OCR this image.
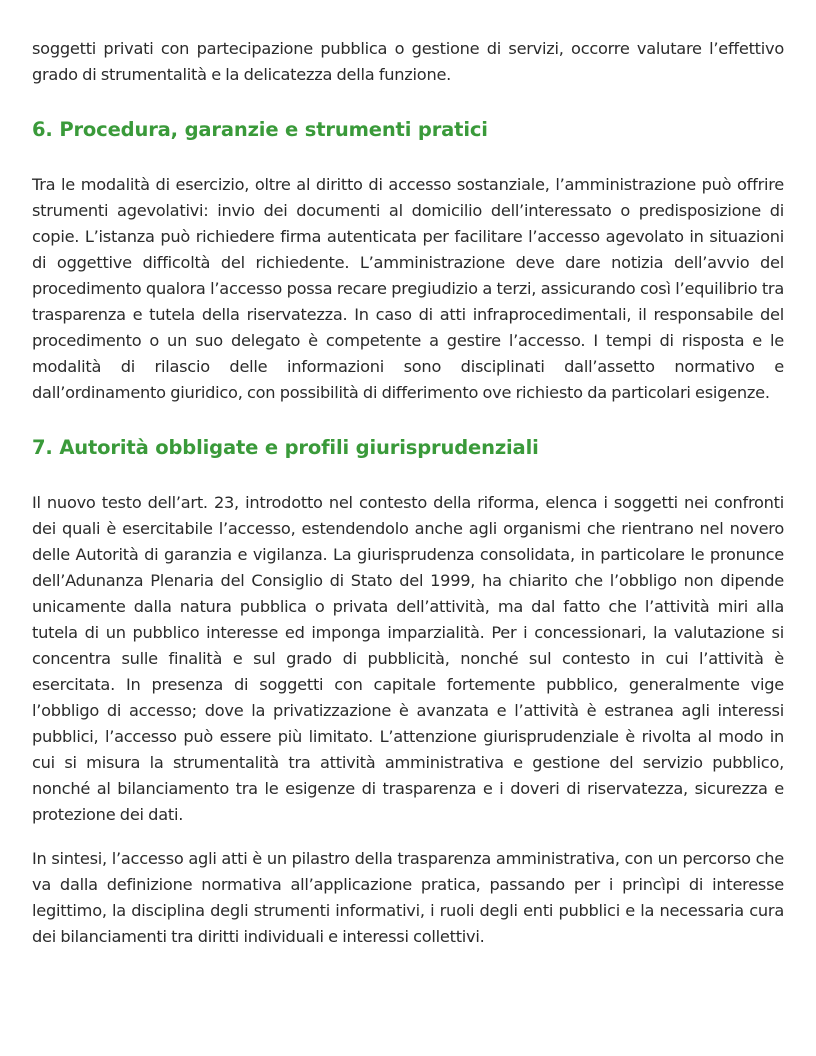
soggetti privati con partecipazione pubblica o gestione di servizi, occorre valutare l’effettivo grado di strumentalità e la delicatezza della funzione.

6. Procedura, garanzie e strumenti pratici

Tra le modalità di esercizio, oltre al diritto di accesso sostanziale, l’amministrazione può offrire strumenti agevolativi: invio dei documenti al domicilio dell’interessato o predisposizione di copie. L’istanza può richiedere firma autenticata per facilitare l’accesso agevolato in situazioni di oggettive difficoltà del richiedente. L’amministrazione deve dare notizia dell’avvio del procedimento qualora l’accesso possa recare pregiudizio a terzi, assicurando così l’equilibrio tra trasparenza e tutela della riservatezza. In caso di atti infraprocedimentali, il responsabile del procedimento o un suo delegato è competente a gestire l’accesso. I tempi di risposta e le modalità di rilascio delle informazioni sono disciplinati dall’assetto normativo e dall’ordinamento giuridico, con possibilità di differimento ove richiesto da particolari esigenze.

7. Autorità obbligate e profili giurisprudenziali

Il nuovo testo dell’art. 23, introdotto nel contesto della riforma, elenca i soggetti nei confronti dei quali è esercitabile l’accesso, estendendolo anche agli organismi che rientrano nel novero delle Autorità di garanzia e vigilanza. La giurisprudenza consolidata, in particolare le pronunce dell’Adunanza Plenaria del Consiglio di Stato del 1999, ha chiarito che l’obbligo non dipende unicamente dalla natura pubblica o privata dell’attività, ma dal fatto che l’attività miri alla tutela di un pubblico interesse ed imponga imparzialità. Per i concessionari, la valutazione si concentra sulle finalità e sul grado di pubblicità, nonché sul contesto in cui l’attività è esercitata. In presenza di soggetti con capitale fortemente pubblico, generalmente vige l’obbligo di accesso; dove la privatizzazione è avanzata e l’attività è estranea agli interessi pubblici, l’accesso può essere più limitato. L’attenzione giurisprudenziale è rivolta al modo in cui si misura la strumentalità tra attività amministrativa e gestione del servizio pubblico, nonché al bilanciamento tra le esigenze di trasparenza e i doveri di riservatezza, sicurezza e protezione dei dati.

In sintesi, l’accesso agli atti è un pilastro della trasparenza amministrativa, con un percorso che va dalla definizione normativa all’applicazione pratica, passando per i princìpi di interesse legittimo, la disciplina degli strumenti informativi, i ruoli degli enti pubblici e la necessaria cura dei bilanciamenti tra diritti individuali e interessi collettivi.
